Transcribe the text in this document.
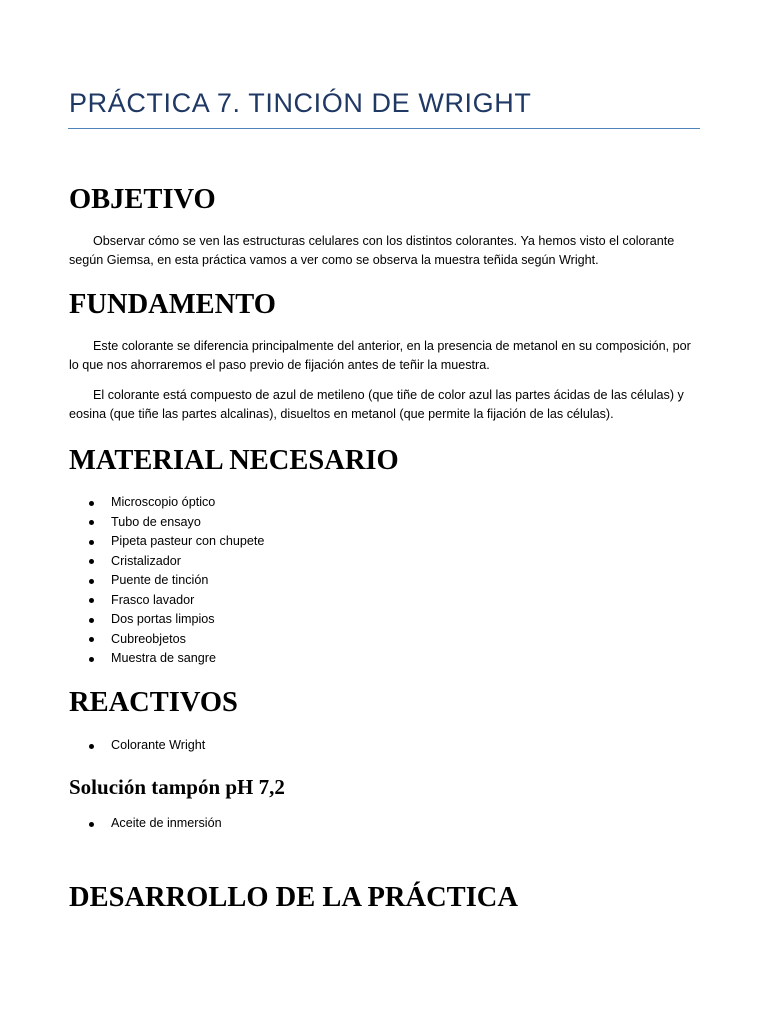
PRÁCTICA 7. TINCIÓN DE WRIGHT
OBJETIVO

Observar cómo se ven las estructuras celulares con los distintos colorantes. Ya hemos visto el colorante según Giemsa, en esta práctica vamos a ver como se observa la muestra teñida según Wright.

FUNDAMENTO

Este colorante se diferencia principalmente del anterior, en la presencia de metanol en su composición, por lo que nos ahorraremos el paso previo de fijación antes de teñir la muestra.

El colorante está compuesto de azul de metileno (que tiñe de color azul las partes ácidas de las células) y eosina (que tiñe las partes alcalinas), disueltos en metanol (que permite la fijación de las células).

MATERIAL NECESARIO
Microscopio óptico
Tubo de ensayo
Pipeta pasteur con chupete
Cristalizador
Puente de tinción
Frasco lavador
Dos portas limpios
Cubreobjetos
Muestra de sangre
REACTIVOS
Colorante Wright
Solución tampón pH 7,2
Aceite de inmersión
DESARROLLO DE LA PRÁCTICA
